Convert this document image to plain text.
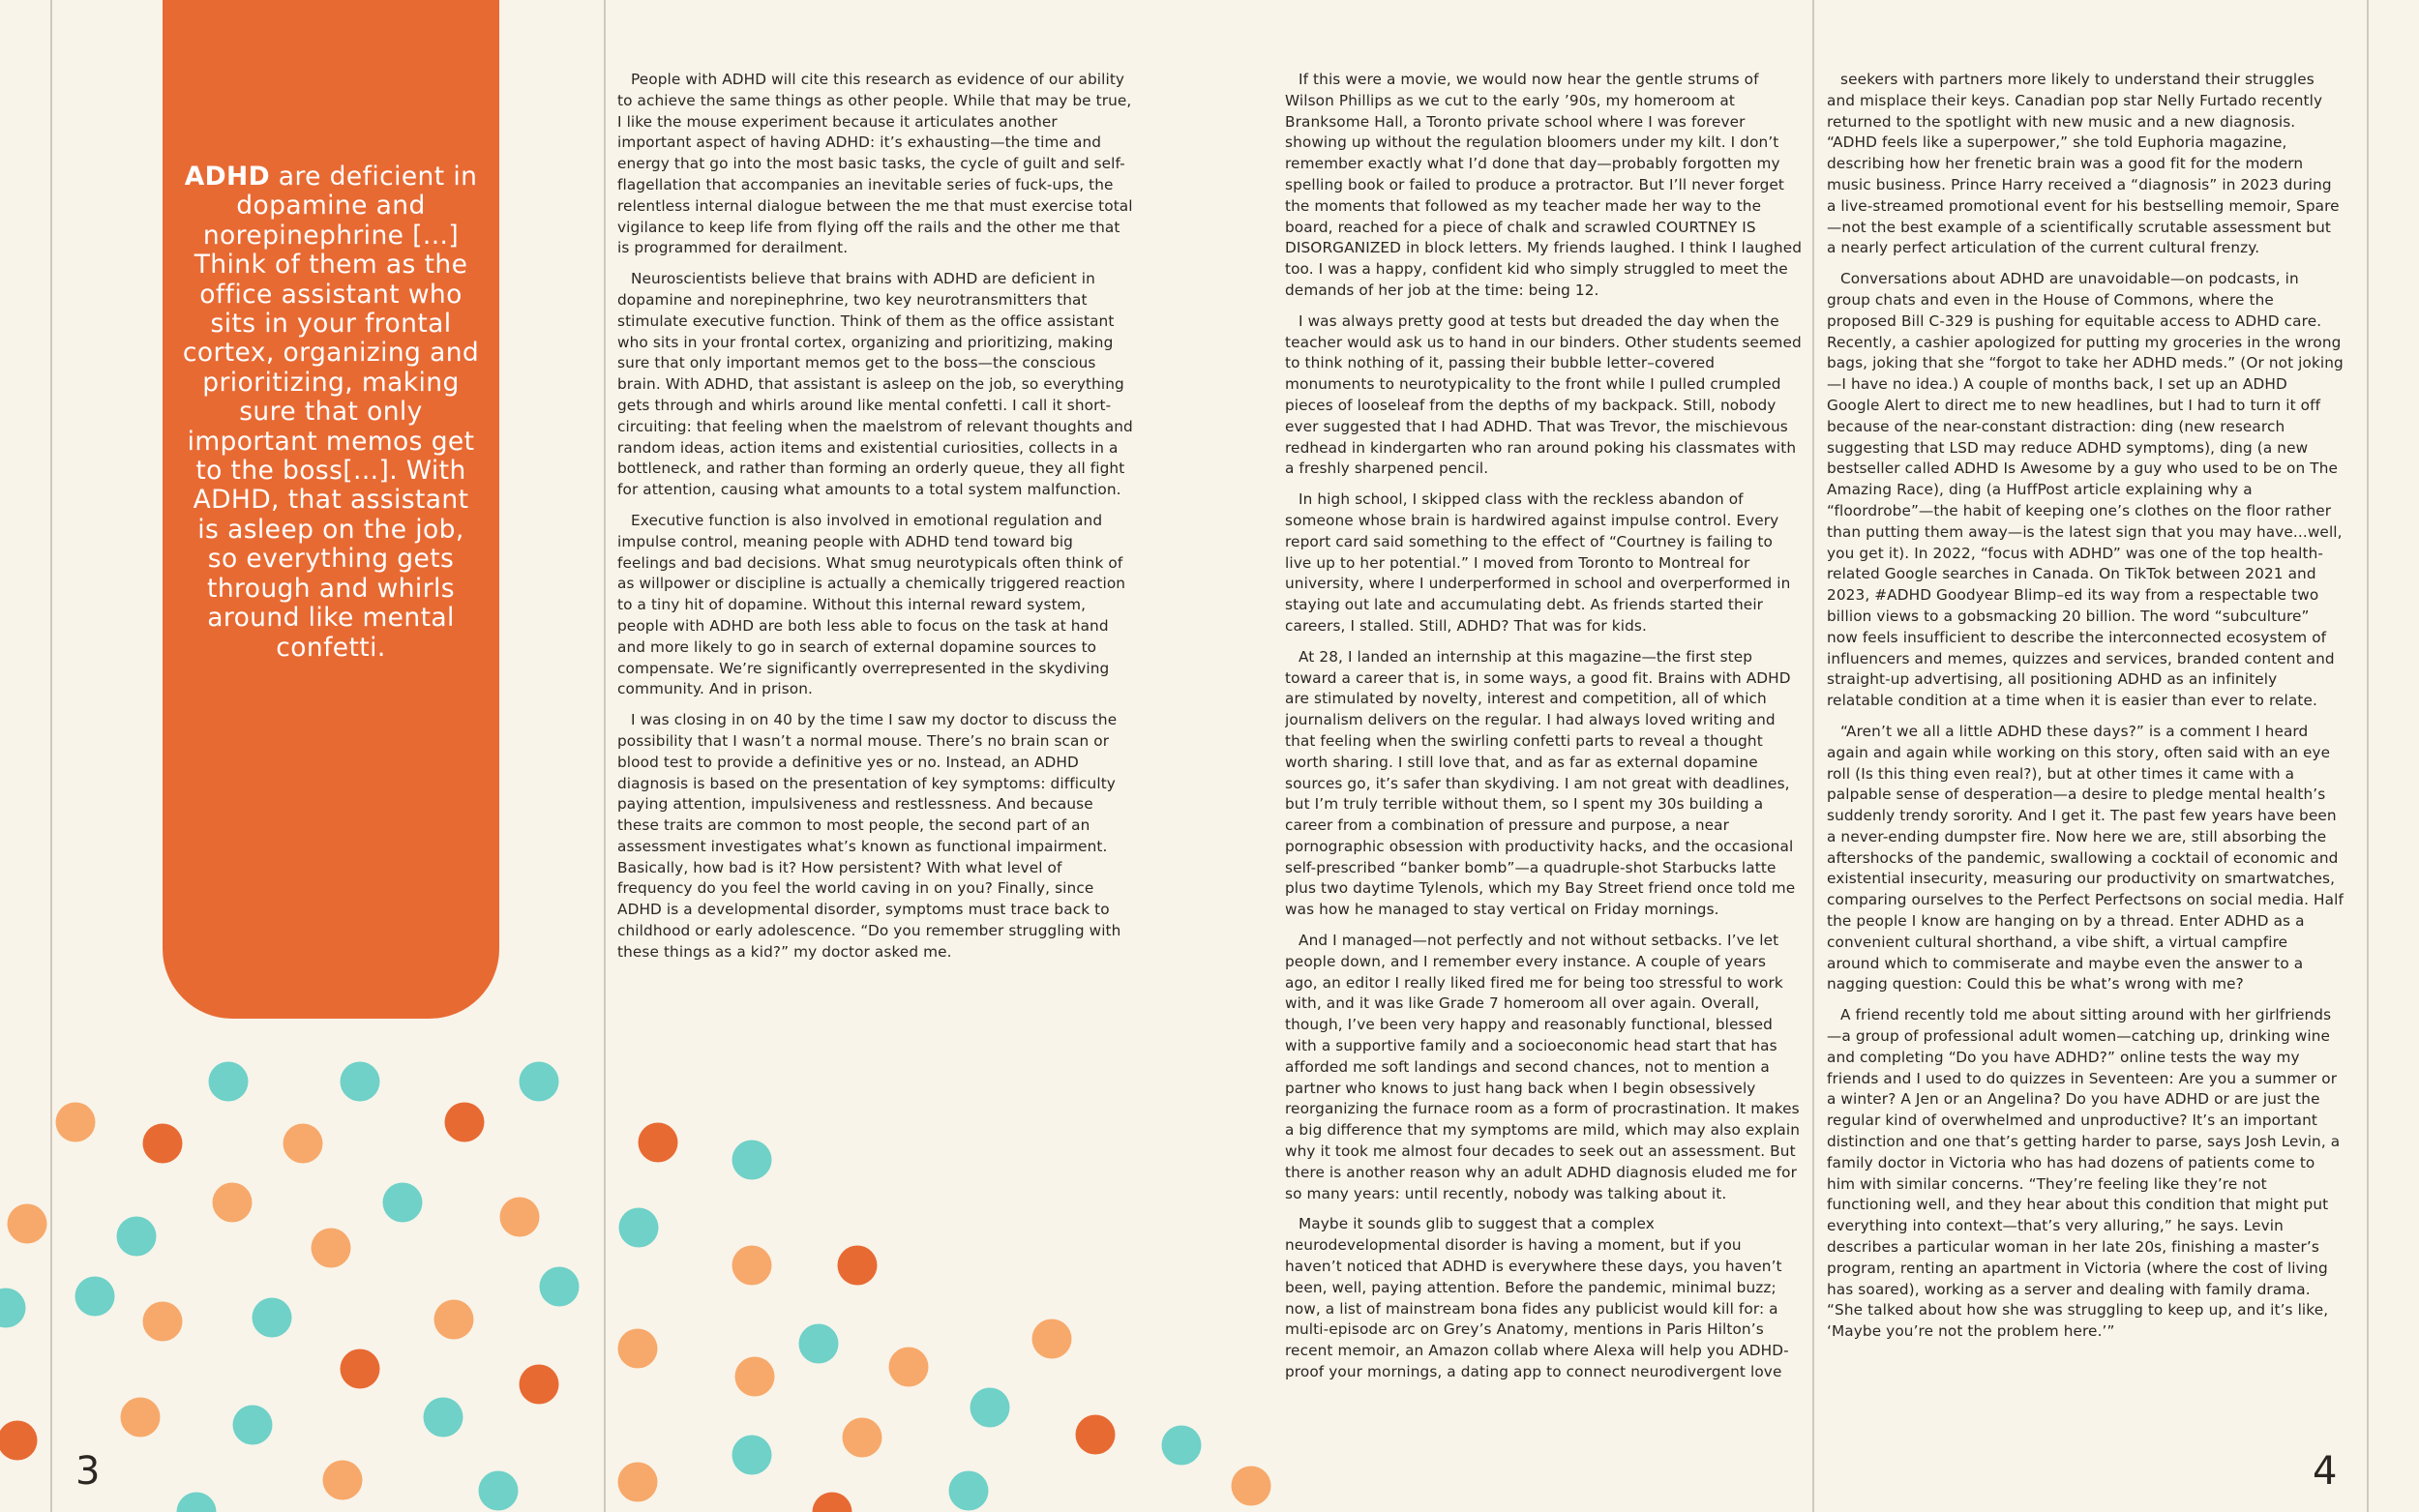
ADHD are deficient in dopamine and norepinephrine [...] Think of them as the office assistant who sits in your frontal cortex, organizing and prioritizing, making sure that only important memos get to the boss[...]. With ADHD, that assistant is asleep on the job, so everything gets through and whirls around like mental confetti.

People with ADHD will cite this research as evidence of our ability to achieve the same things as other people. While that may be true, I like the mouse experiment because it articulates another important aspect of having ADHD: it’s exhausting—the time and energy that go into the most basic tasks, the cycle of guilt and self-flagellation that accompanies an inevitable series of fuck-ups, the relentless internal dialogue between the me that must exercise total vigilance to keep life from flying off the rails and the other me that is programmed for derailment.

Neuroscientists believe that brains with ADHD are deficient in dopamine and norepinephrine, two key neurotransmitters that stimulate executive function. Think of them as the office assistant who sits in your frontal cortex, organizing and prioritizing, making sure that only important memos get to the boss—the conscious brain. With ADHD, that assistant is asleep on the job, so everything gets through and whirls around like mental confetti. I call it short-circuiting: that feeling when the maelstrom of relevant thoughts and random ideas, action items and existential curiosities, collects in a bottleneck, and rather than forming an orderly queue, they all fight for attention, causing what amounts to a total system malfunction.

Executive function is also involved in emotional regulation and impulse control, meaning people with ADHD tend toward big feelings and bad decisions. What smug neurotypicals often think of as willpower or discipline is actually a chemically triggered reaction to a tiny hit of dopamine. Without this internal reward system, people with ADHD are both less able to focus on the task at hand and more likely to go in search of external dopamine sources to compensate. We’re significantly overrepresented in the skydiving community. And in prison.

I was closing in on 40 by the time I saw my doctor to discuss the possibility that I wasn’t a normal mouse. There’s no brain scan or blood test to provide a definitive yes or no. Instead, an ADHD diagnosis is based on the presentation of key symptoms: difficulty paying attention, impulsiveness and restlessness. And because these traits are common to most people, the second part of an assessment investigates what’s known as functional impairment. Basically, how bad is it? How persistent? With what level of frequency do you feel the world caving in on you? Finally, since ADHD is a developmental disorder, symptoms must trace back to childhood or early adolescence. “Do you remember struggling with these things as a kid?” my doctor asked me.

If this were a movie, we would now hear the gentle strums of Wilson Phillips as we cut to the early ’90s, my homeroom at Branksome Hall, a Toronto private school where I was forever showing up without the regulation bloomers under my kilt. I don’t remember exactly what I’d done that day—probably forgotten my spelling book or failed to produce a protractor. But I’ll never forget the moments that followed as my teacher made her way to the board, reached for a piece of chalk and scrawled COURTNEY IS DISORGANIZED in block letters. My friends laughed. I think I laughed too. I was a happy, confident kid who simply struggled to meet the demands of her job at the time: being 12.

I was always pretty good at tests but dreaded the day when the teacher would ask us to hand in our binders. Other students seemed to think nothing of it, passing their bubble letter–covered monuments to neurotypicality to the front while I pulled crumpled pieces of looseleaf from the depths of my backpack. Still, nobody ever suggested that I had ADHD. That was Trevor, the mischievous redhead in kindergarten who ran around poking his classmates with a freshly sharpened pencil.

In high school, I skipped class with the reckless abandon of someone whose brain is hardwired against impulse control. Every report card said something to the effect of “Courtney is failing to live up to her potential.” I moved from Toronto to Montreal for university, where I underperformed in school and overperformed in staying out late and accumulating debt. As friends started their careers, I stalled. Still, ADHD? That was for kids.

At 28, I landed an internship at this magazine—the first step toward a career that is, in some ways, a good fit. Brains with ADHD are stimulated by novelty, interest and competition, all of which journalism delivers on the regular. I had always loved writing and that feeling when the swirling confetti parts to reveal a thought worth sharing. I still love that, and as far as external dopamine sources go, it’s safer than skydiving. I am not great with deadlines, but I’m truly terrible without them, so I spent my 30s building a career from a combination of pressure and purpose, a near pornographic obsession with productivity hacks, and the occasional self-prescribed “banker bomb”—a quadruple-shot Starbucks latte plus two daytime Tylenols, which my Bay Street friend once told me was how he managed to stay vertical on Friday mornings.

And I managed—not perfectly and not without setbacks. I’ve let people down, and I remember every instance. A couple of years ago, an editor I really liked fired me for being too stressful to work with, and it was like Grade 7 homeroom all over again. Overall, though, I’ve been very happy and reasonably functional, blessed with a supportive family and a socioeconomic head start that has afforded me soft landings and second chances, not to mention a partner who knows to just hang back when I begin obsessively reorganizing the furnace room as a form of procrastination. It makes a big difference that my symptoms are mild, which may also explain why it took me almost four decades to seek out an assessment. But there is another reason why an adult ADHD diagnosis eluded me for so many years: until recently, nobody was talking about it.

Maybe it sounds glib to suggest that a complex neurodevelopmental disorder is having a moment, but if you haven’t noticed that ADHD is everywhere these days, you haven’t been, well, paying attention. Before the pandemic, minimal buzz; now, a list of mainstream bona fides any publicist would kill for: a multi-episode arc on Grey’s Anatomy, mentions in Paris Hilton’s recent memoir, an Amazon collab where Alexa will help you ADHD-proof your mornings, a dating app to connect neurodivergent love

seekers with partners more likely to understand their struggles and misplace their keys. Canadian pop star Nelly Furtado recently returned to the spotlight with new music and a new diagnosis. “ADHD feels like a superpower,” she told Euphoria magazine, describing how her frenetic brain was a good fit for the modern music business. Prince Harry received a “diagnosis” in 2023 during a live-streamed promotional event for his bestselling memoir, Spare—not the best example of a scientifically scrutable assessment but a nearly perfect articulation of the current cultural frenzy.

Conversations about ADHD are unavoidable—on podcasts, in group chats and even in the House of Commons, where the proposed Bill C-329 is pushing for equitable access to ADHD care. Recently, a cashier apologized for putting my groceries in the wrong bags, joking that she “forgot to take her ADHD meds.” (Or not joking—I have no idea.) A couple of months back, I set up an ADHD Google Alert to direct me to new headlines, but I had to turn it off because of the near-constant distraction: ding (new research suggesting that LSD may reduce ADHD symptoms), ding (a new bestseller called ADHD Is Awesome by a guy who used to be on The Amazing Race), ding (a HuffPost article explaining why a “floordrobe”—the habit of keeping one’s clothes on the floor rather than putting them away—is the latest sign that you may have...well, you get it). In 2022, “focus with ADHD” was one of the top health-related Google searches in Canada. On TikTok between 2021 and 2023, #ADHD Goodyear Blimp–ed its way from a respectable two billion views to a gobsmacking 20 billion. The word “subculture” now feels insufficient to describe the interconnected ecosystem of influencers and memes, quizzes and services, branded content and straight-up advertising, all positioning ADHD as an infinitely relatable condition at a time when it is easier than ever to relate.

“Aren’t we all a little ADHD these days?” is a comment I heard again and again while working on this story, often said with an eye roll (Is this thing even real?), but at other times it came with a palpable sense of desperation—a desire to pledge mental health’s suddenly trendy sorority. And I get it. The past few years have been a never-ending dumpster fire. Now here we are, still absorbing the aftershocks of the pandemic, swallowing a cocktail of economic and existential insecurity, measuring our productivity on smartwatches, comparing ourselves to the Perfect Perfectsons on social media. Half the people I know are hanging on by a thread. Enter ADHD as a convenient cultural shorthand, a vibe shift, a virtual campfire around which to commiserate and maybe even the answer to a nagging question: Could this be what’s wrong with me?

A friend recently told me about sitting around with her girlfriends—a group of professional adult women—catching up, drinking wine and completing “Do you have ADHD?” online tests the way my friends and I used to do quizzes in Seventeen: Are you a summer or a winter? A Jen or an Angelina? Do you have ADHD or are just the regular kind of overwhelmed and unproductive? It’s an important distinction and one that’s getting harder to parse, says Josh Levin, a family doctor in Victoria who has had dozens of patients come to him with similar concerns. “They’re feeling like they’re not functioning well, and they hear about this condition that might put everything into context—that’s very alluring,” he says. Levin describes a particular woman in her late 20s, finishing a master’s program, renting an apartment in Victoria (where the cost of living has soared), working as a server and dealing with family drama. “She talked about how she was struggling to keep up, and it’s like, ‘Maybe you’re not the problem here.’”

3	4
